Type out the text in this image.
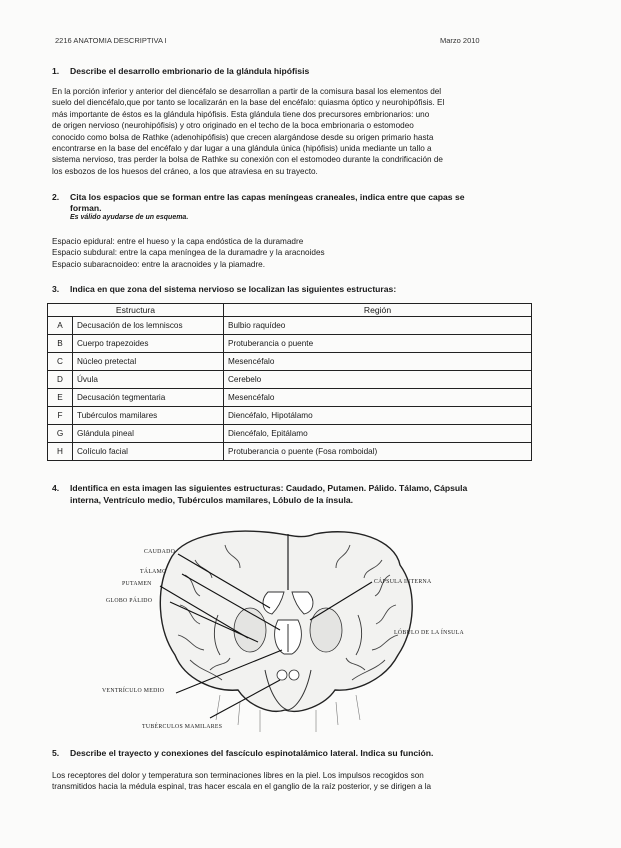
2216 ANATOMIA DESCRIPTIVA I	Marzo 2010
1. Describe el desarrollo embrionario de la glándula hipófisis
En la porción inferior y anterior del diencéfalo se desarrollan a partir de la comisura basal los elementos del
suelo del diencéfalo,que por tanto se localizarán en la base del encéfalo: quiasma óptico y neurohipófisis. El
más importante de éstos es la glándula hipófisis. Esta glándula tiene dos precursores embrionarios: uno
de origen nervioso (neurohipófisis) y otro originado en el techo de la boca embrionaria o estomodeo
conocido como bolsa de Rathke (adenohipófisis) que crecen alargándose desde su origen primario hasta
encontrarse en la base del encéfalo y dar lugar a una glándula única (hipófisis) unida mediante un tallo a
sistema nervioso, tras perder la bolsa de Rathke su conexión con el estomodeo durante la condrificación de
los esbozos de los huesos del cráneo, a los que atraviesa en su trayecto.
2. Cita los espacios que se forman entre las capas meníngeas craneales, indica entre que capas se
forman.
Es válido ayudarse de un esquema.
Espacio epidural: entre el hueso y la capa endóstica de la duramadre
Espacio subdural: entre la capa meníngea de la duramadre y la aracnoides
Espacio subaracnoideo: entre la aracnoides y la piamadre.
3. Indica en que zona del sistema nervioso se localizan las siguientes estructuras:
Estructura		Región
A	Decusación de los lemniscos	Bulbio raquídeo
B	Cuerpo trapezoides	Protuberancia o puente
C	Núcleo pretectal	Mesencéfalo
D	Úvula	Cerebelo
E	Decusación tegmentaria	Mesencéfalo
F	Tubérculos mamilares	Diencéfalo, Hipotálamo
G	Glándula pineal	Diencéfalo, Epitálamo
H	Colículo facial	Protuberancia o puente (Fosa romboidal)
4. Identifica en esta imagen las siguientes estructuras: Caudado, Putamen. Pálido. Tálamo, Cápsula
interna, Ventrículo medio, Tubérculos mamilares, Lóbulo de la ínsula.
CAUDADO
TÁLAMO
PUTAMEN
GLOBO PÁLIDO
CÁPSULA INTERNA
LÓBULO DE LA ÍNSULA
VENTRÍCULO MEDIO
TUBÉRCULOS MAMILARES
5. Describe el trayecto y conexiones del fascículo espinotalámico lateral. Indica su función.
Los receptores del dolor y temperatura son terminaciones libres en la piel. Los impulsos recogidos son
transmitidos hacia la médula espinal, tras hacer escala en el ganglio de la raíz posterior, y se dirigen a la
